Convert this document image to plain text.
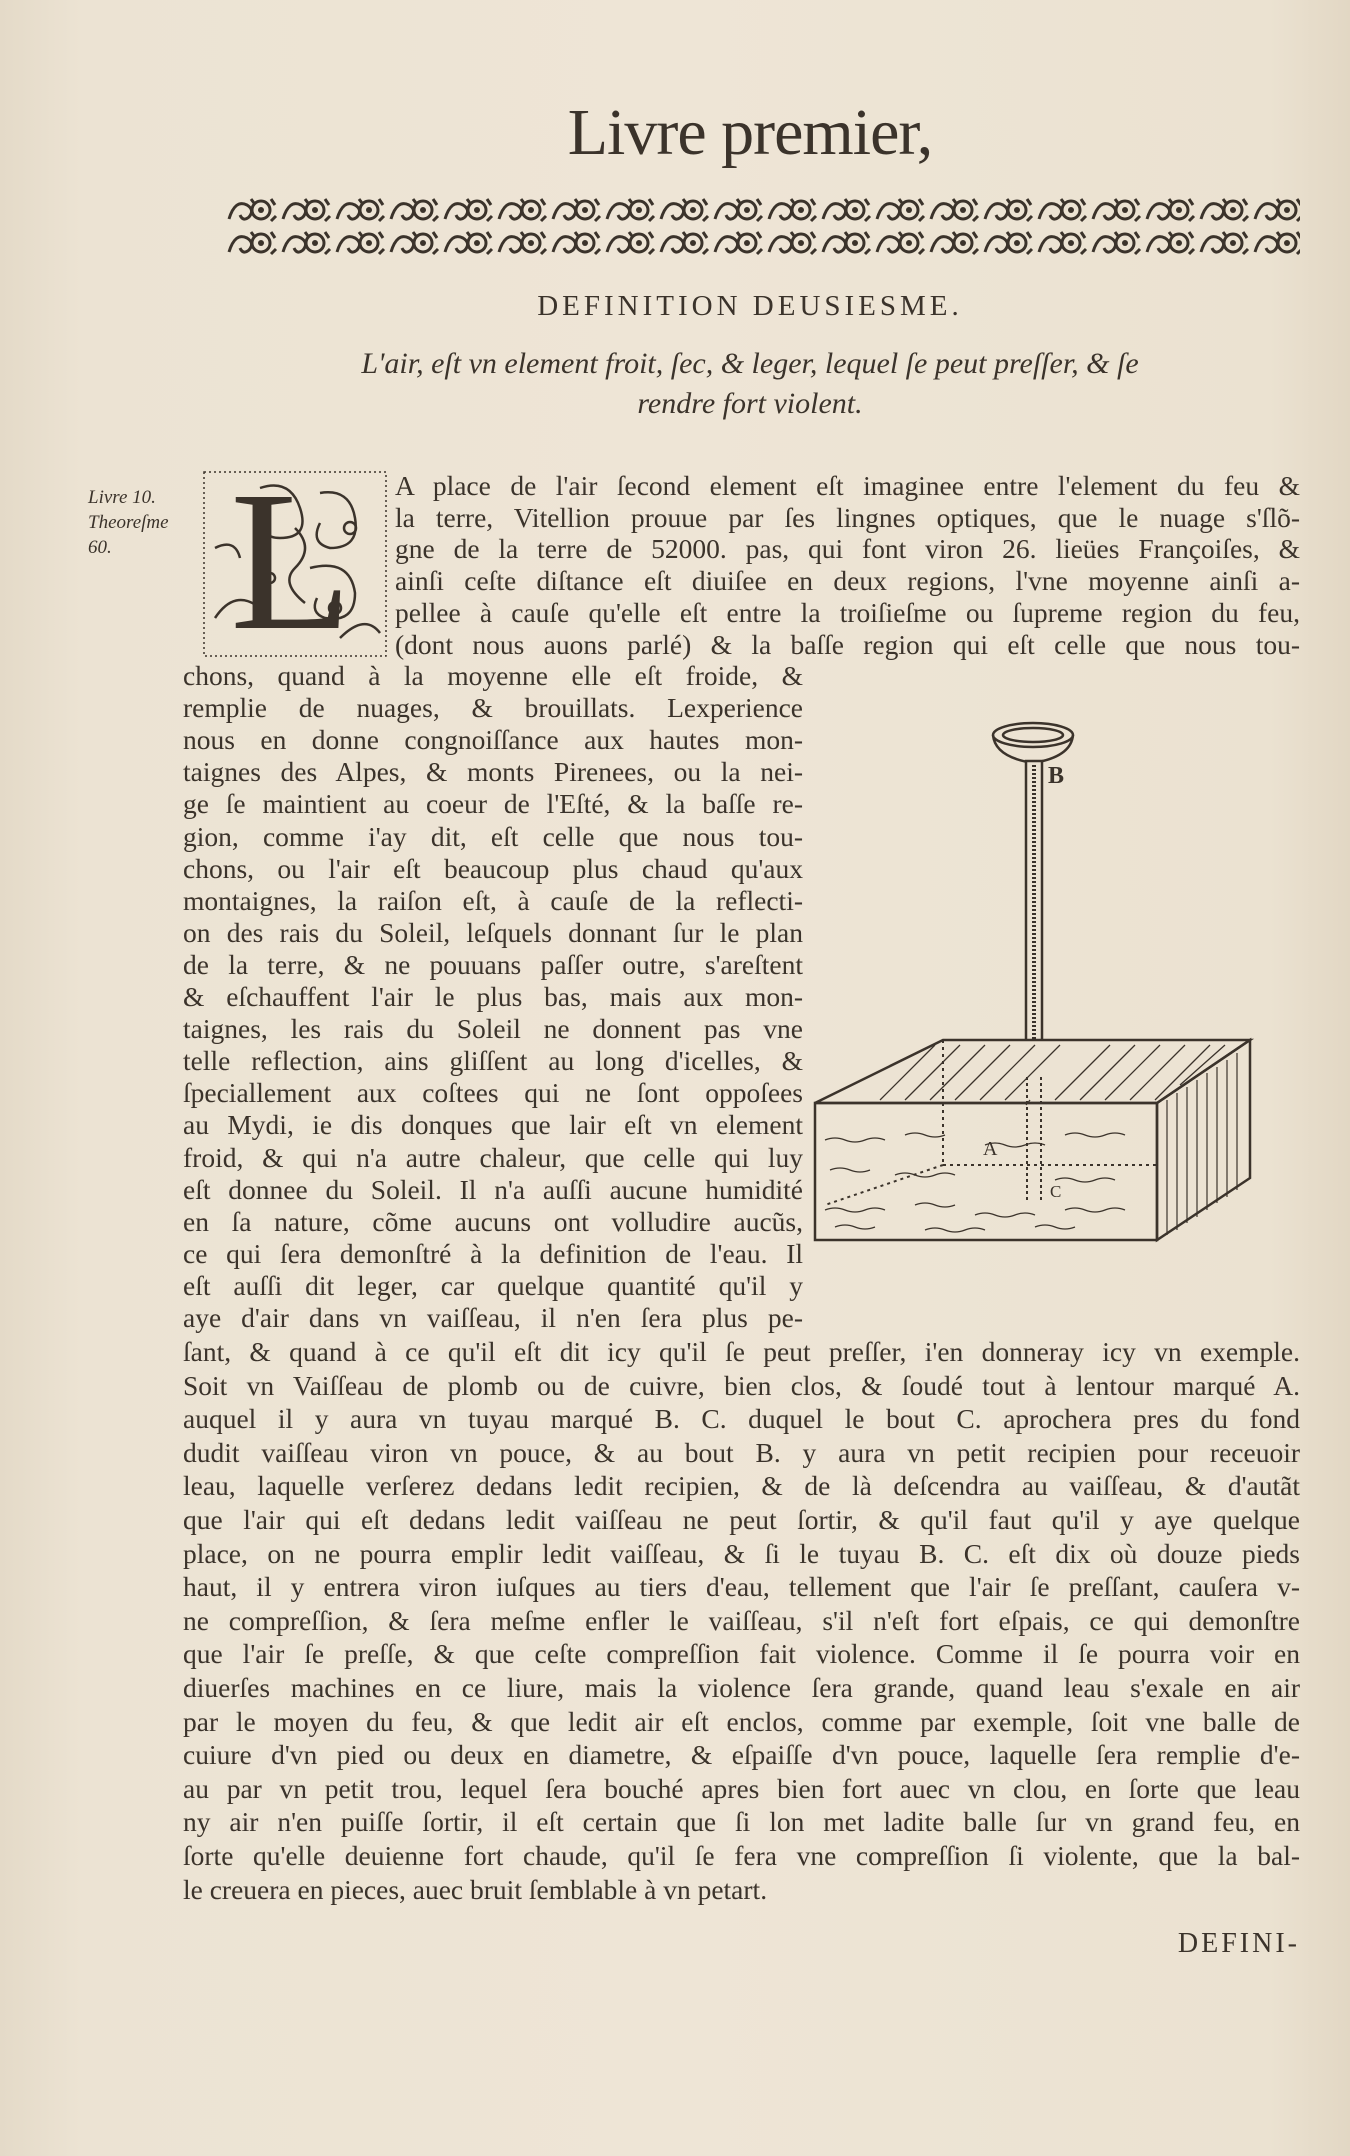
Livre premier,
DEFINITION DEUSIESME.
L'air, eſt vn element froit, ſec, & leger, lequel ſe peut preſſer, & ſe
rendre fort violent.
Livre 10.
Theoreſme
60. L A place de l'air ſecond element eſt imaginee entre l'element du feu &
la terre, Vitellion prouue par ſes lingnes optiques, que le nuage s'ſlõ-
gne de la terre de 52000. pas, qui font viron 26. lieües Françoiſes, &
ainſi ceſte diſtance eſt diuiſee en deux regions, l'vne moyenne ainſi a-
pellee à cauſe qu'elle eſt entre la troiſieſme ou ſupreme region du feu,
(dont nous auons parlé) & la baſſe region qui eſt celle que nous tou-
chons, quand à la moyenne elle eſt froide, &
remplie de nuages, & brouillats. Lexperience
nous en donne congnoiſſance aux hautes mon-
taignes des Alpes, & monts Pirenees, ou la nei-
ge ſe maintient au coeur de l'Eſté, & la baſſe re-
gion, comme i'ay dit, eſt celle que nous tou-
chons, ou l'air eſt beaucoup plus chaud qu'aux
montaignes, la raiſon eſt, à cauſe de la reflecti-
on des rais du Soleil, leſquels donnant ſur le plan
de la terre, & ne pouuans paſſer outre, s'areſtent
& eſchauffent l'air le plus bas, mais aux mon-
taignes, les rais du Soleil ne donnent pas vne
telle reflection, ains gliſſent au long d'icelles, &
ſpeciallement aux coſtees qui ne ſont oppoſees
au Mydi, ie dis donques que lair eſt vn element
froid, & qui n'a autre chaleur, que celle qui luy
eſt donnee du Soleil. Il n'a auſſi aucune humidité
en ſa nature, cõme aucuns ont volludire aucũs,
ce qui ſera demonſtré à la definition de l'eau. Il
eſt auſſi dit leger, car quelque quantité qu'il y
aye d'air dans vn vaiſſeau, il n'en ſera plus pe-
ſant, & quand à ce qu'il eſt dit icy qu'il ſe peut preſſer, i'en donneray icy vn exemple.
Soit vn Vaiſſeau de plomb ou de cuivre, bien clos, & ſoudé tout à lentour marqué A.
auquel il y aura vn tuyau marqué B. C. duquel le bout C. aprochera pres du fond
dudit vaiſſeau viron vn pouce, & au bout B. y aura vn petit recipien pour receuoir
leau, laquelle verſerez dedans ledit recipien, & de là deſcendra au vaiſſeau, & d'autãt
que l'air qui eſt dedans ledit vaiſſeau ne peut ſortir, & qu'il faut qu'il y aye quelque
place, on ne pourra emplir ledit vaiſſeau, & ſi le tuyau B. C. eſt dix où douze pieds
haut, il y entrera viron iuſques au tiers d'eau, tellement que l'air ſe preſſant, cauſera v-
ne compreſſion, & ſera meſme enfler le vaiſſeau, s'il n'eſt fort eſpais, ce qui demonſtre
que l'air ſe preſſe, & que ceſte compreſſion fait violence. Comme il ſe pourra voir en
diuerſes machines en ce liure, mais la violence ſera grande, quand leau s'exale en air
par le moyen du feu, & que ledit air eſt enclos, comme par exemple, ſoit vne balle de
cuiure d'vn pied ou deux en diametre, & eſpaiſſe d'vn pouce, laquelle ſera remplie d'e-
au par vn petit trou, lequel ſera bouché apres bien fort auec vn clou, en ſorte que leau
ny air n'en puiſſe ſortir, il eſt certain que ſi lon met ladite balle ſur vn grand feu, en
ſorte qu'elle deuienne fort chaude, qu'il ſe fera vne compreſſion ſi violente, que la bal-
le creuera en pieces, auec bruit ſemblable à vn petart.
B
A
C
DEFINI-
